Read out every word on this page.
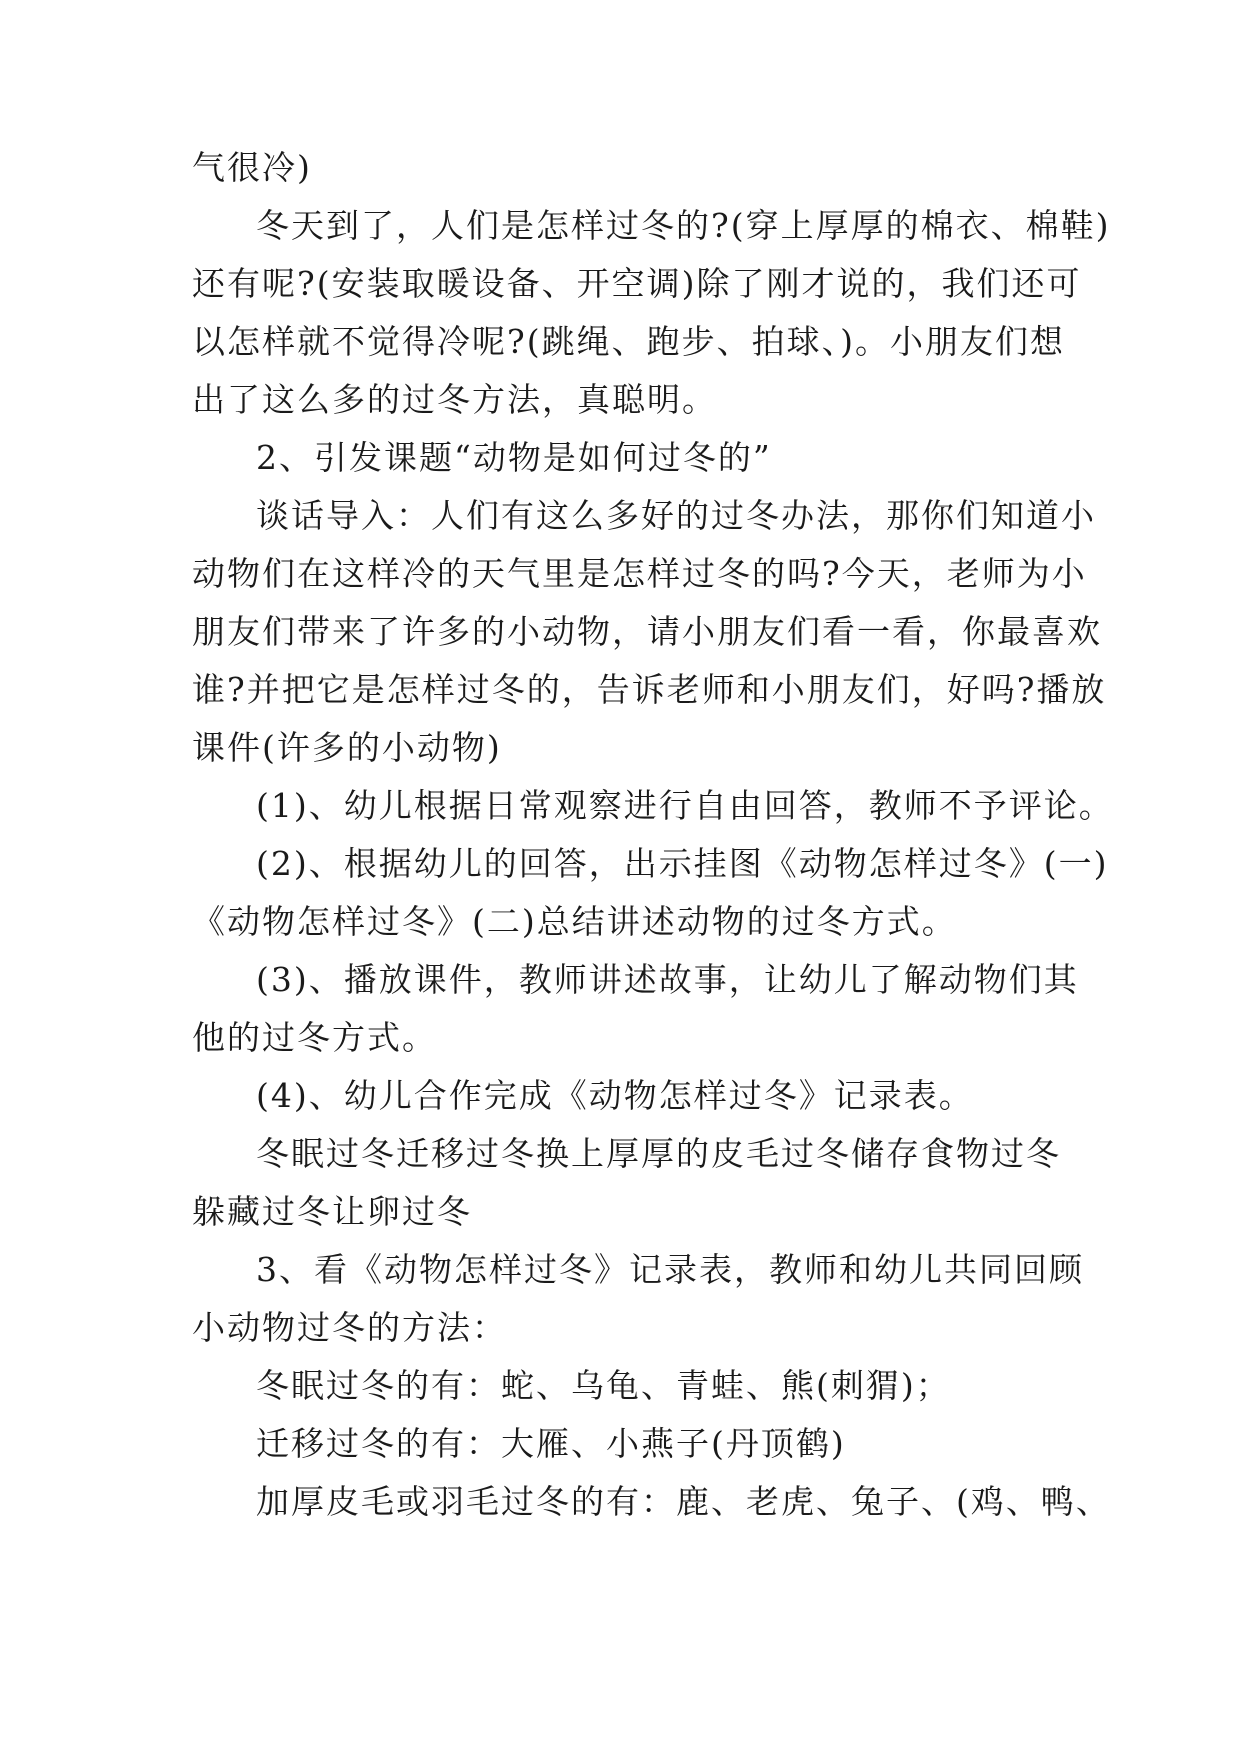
气很冷)

冬天到了，人们是怎样过冬的?(穿上厚厚的棉衣、棉鞋)

还有呢?(安装取暖设备、开空调)除了刚才说的，我们还可

以怎样就不觉得冷呢?(跳绳、跑步、拍球、)。小朋友们想

出了这么多的过冬方法，真聪明。

2、引发课题“动物是如何过冬的”

谈话导入：人们有这么多好的过冬办法，那你们知道小

动物们在这样冷的天气里是怎样过冬的吗?今天，老师为小

朋友们带来了许多的小动物，请小朋友们看一看，你最喜欢

谁?并把它是怎样过冬的，告诉老师和小朋友们，好吗?播放

课件(许多的小动物)

(1)、幼儿根据日常观察进行自由回答，教师不予评论。

(2)、根据幼儿的回答，出示挂图《动物怎样过冬》(一)

《动物怎样过冬》(二)总结讲述动物的过冬方式。

(3)、播放课件，教师讲述故事，让幼儿了解动物们其

他的过冬方式。

(4)、幼儿合作完成《动物怎样过冬》记录表。

冬眠过冬迁移过冬换上厚厚的皮毛过冬储存食物过冬

躲藏过冬让卵过冬

3、看《动物怎样过冬》记录表，教师和幼儿共同回顾

小动物过冬的方法：

冬眠过冬的有：蛇、乌龟、青蛙、熊(刺猬)；

迁移过冬的有：大雁、小燕子(丹顶鹤)

加厚皮毛或羽毛过冬的有：鹿、老虎、兔子、(鸡、鸭、
